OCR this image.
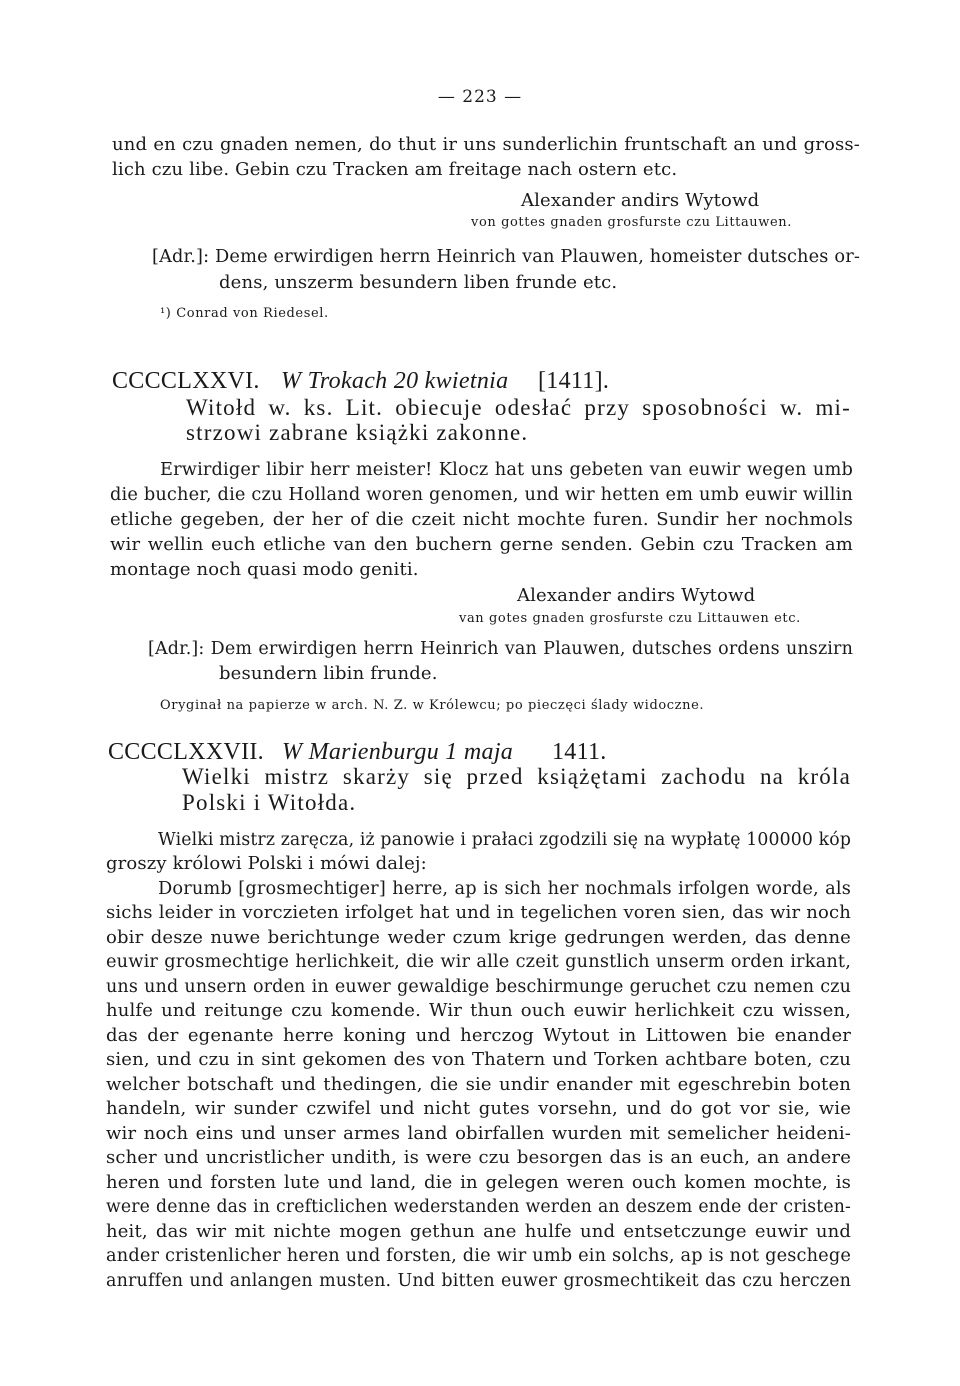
— 223 —
und en czu gnaden nemen, do thut ir uns sunderlichin fruntschaft an und gross-
lich czu libe. Gebin czu Tracken am freitage nach ostern etc.
Alexander andirs Wytowd
von gottes gnaden grosfurste czu Littauwen.
[Adr.]: Deme erwirdigen herrn Heinrich van Plauwen, homeister dutsches or-
dens, unszerm besundern liben frunde etc.
¹) Conrad von Riedesel.
CCCCLXXVI. W Trokach 20 kwietnia [1411].
Witołd w. ks. Lit. obiecuje odesłać przy sposobności w. mi-
strzowi zabrane książki zakonne.
Erwirdiger libir herr meister! Klocz hat uns gebeten van euwir wegen umb
die bucher, die czu Holland woren genomen, und wir hetten em umb euwir willin
etliche gegeben, der her of die czeit nicht mochte furen. Sundir her nochmols
wir wellin euch etliche van den buchern gerne senden. Gebin czu Tracken am
montage noch quasi modo geniti.
Alexander andirs Wytowd
van gotes gnaden grosfurste czu Littauwen etc.
[Adr.]: Dem erwirdigen herrn Heinrich van Plauwen, dutsches ordens unszirn
besundern libin frunde.
Oryginał na papierze w arch. N. Z. w Królewcu; po pieczęci ślady widoczne.
CCCCLXXVII. W Marienburgu 1 maja 1411.
Wielki mistrz skarży się przed książętami zachodu na króla
Polski i Witołda.
Wielki mistrz zaręcza, iż panowie i prałaci zgodzili się na wypłatę 100000 kóp
groszy królowi Polski i mówi dalej:
Dorumb [grosmechtiger] herre, ap is sich her nochmals irfolgen worde, als
sichs leider in vorczieten irfolget hat und in tegelichen voren sien, das wir noch
obir desze nuwe berichtunge weder czum krige gedrungen werden, das denne
euwir grosmechtige herlichkeit, die wir alle czeit gunstlich unserm orden irkant,
uns und unsern orden in euwer gewaldige beschirmunge geruchet czu nemen czu
hulfe und reitunge czu komende. Wir thun ouch euwir herlichkeit czu wissen,
das der egenante herre koning und herczog Wytout in Littowen bie enander
sien, und czu in sint gekomen des von Thatern und Torken achtbare boten, czu
welcher botschaft und thedingen, die sie undir enander mit egeschrebin boten
handeln, wir sunder czwifel und nicht gutes vorsehn, und do got vor sie, wie
wir noch eins und unser armes land obirfallen wurden mit semelicher heideni-
scher und uncristlicher undith, is were czu besorgen das is an euch, an andere
heren und forsten lute und land, die in gelegen weren ouch komen mochte, is
were denne das in crefticlichen wederstanden werden an deszem ende der cristen-
heit, das wir mit nichte mogen gethun ane hulfe und entsetczunge euwir und
ander cristenlicher heren und forsten, die wir umb ein solchs, ap is not geschege
anruffen und anlangen musten. Und bitten euwer grosmechtikeit das czu herczen
